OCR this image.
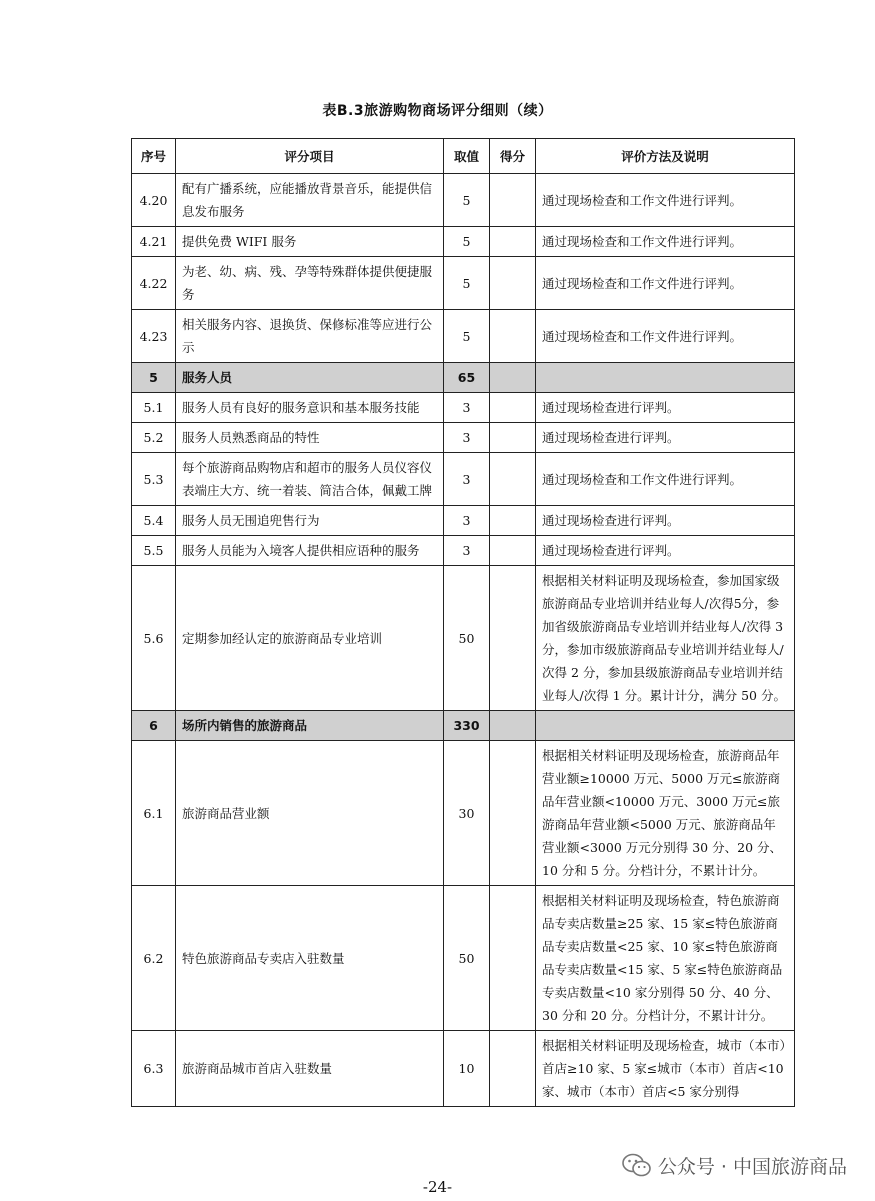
表B.3旅游购物商场评分细则（续）
序号	评分项目	取值	得分	评价方法及说明
4.20	配有广播系统，应能播放背景音乐，能提供信息发布服务	5		通过现场检查和工作文件进行评判。
4.21	提供免费 WIFI 服务	5		通过现场检查和工作文件进行评判。
4.22	为老、幼、病、残、孕等特殊群体提供便捷服务	5		通过现场检查和工作文件进行评判。
4.23	相关服务内容、退换货、保修标准等应进行公示	5		通过现场检查和工作文件进行评判。
5	服务人员	65		
5.1	服务人员有良好的服务意识和基本服务技能	3		通过现场检查进行评判。
5.2	服务人员熟悉商品的特性	3		通过现场检查进行评判。
5.3	每个旅游商品购物店和超市的服务人员仪容仪表端庄大方、统一着装、简洁合体，佩戴工牌	3		通过现场检查和工作文件进行评判。
5.4	服务人员无围追兜售行为	3		通过现场检查进行评判。
5.5	服务人员能为入境客人提供相应语种的服务	3		通过现场检查进行评判。
5.6	定期参加经认定的旅游商品专业培训	50		根据相关材料证明及现场检查，参加国家级旅游商品专业培训并结业每人/次得5分，参加省级旅游商品专业培训并结业每人/次得 3 分，参加市级旅游商品专业培训并结业每人/次得 2 分，参加县级旅游商品专业培训并结业每人/次得 1 分。累计计分，满分 50 分。
6	场所内销售的旅游商品	330		
6.1	旅游商品营业额	30		根据相关材料证明及现场检查，旅游商品年营业额≥10000 万元、5000 万元≤旅游商品年营业额<10000 万元、3000 万元≤旅游商品年营业额<5000 万元、旅游商品年营业额<3000 万元分别得 30 分、20 分、10 分和 5 分。分档计分，不累计计分。
6.2	特色旅游商品专卖店入驻数量	50		根据相关材料证明及现场检查，特色旅游商品专卖店数量≥25 家、15 家≤特色旅游商品专卖店数量<25 家、10 家≤特色旅游商品专卖店数量<15 家、5 家≤特色旅游商品专卖店数量<10 家分别得 50 分、40 分、30 分和 20 分。分档计分，不累计计分。
6.3	旅游商品城市首店入驻数量	10		根据相关材料证明及现场检查，城市（本市）首店≥10 家、5 家≤城市（本市）首店<10 家、城市（本市）首店<5 家分别得
公众号 · 中国旅游商品
-24-
